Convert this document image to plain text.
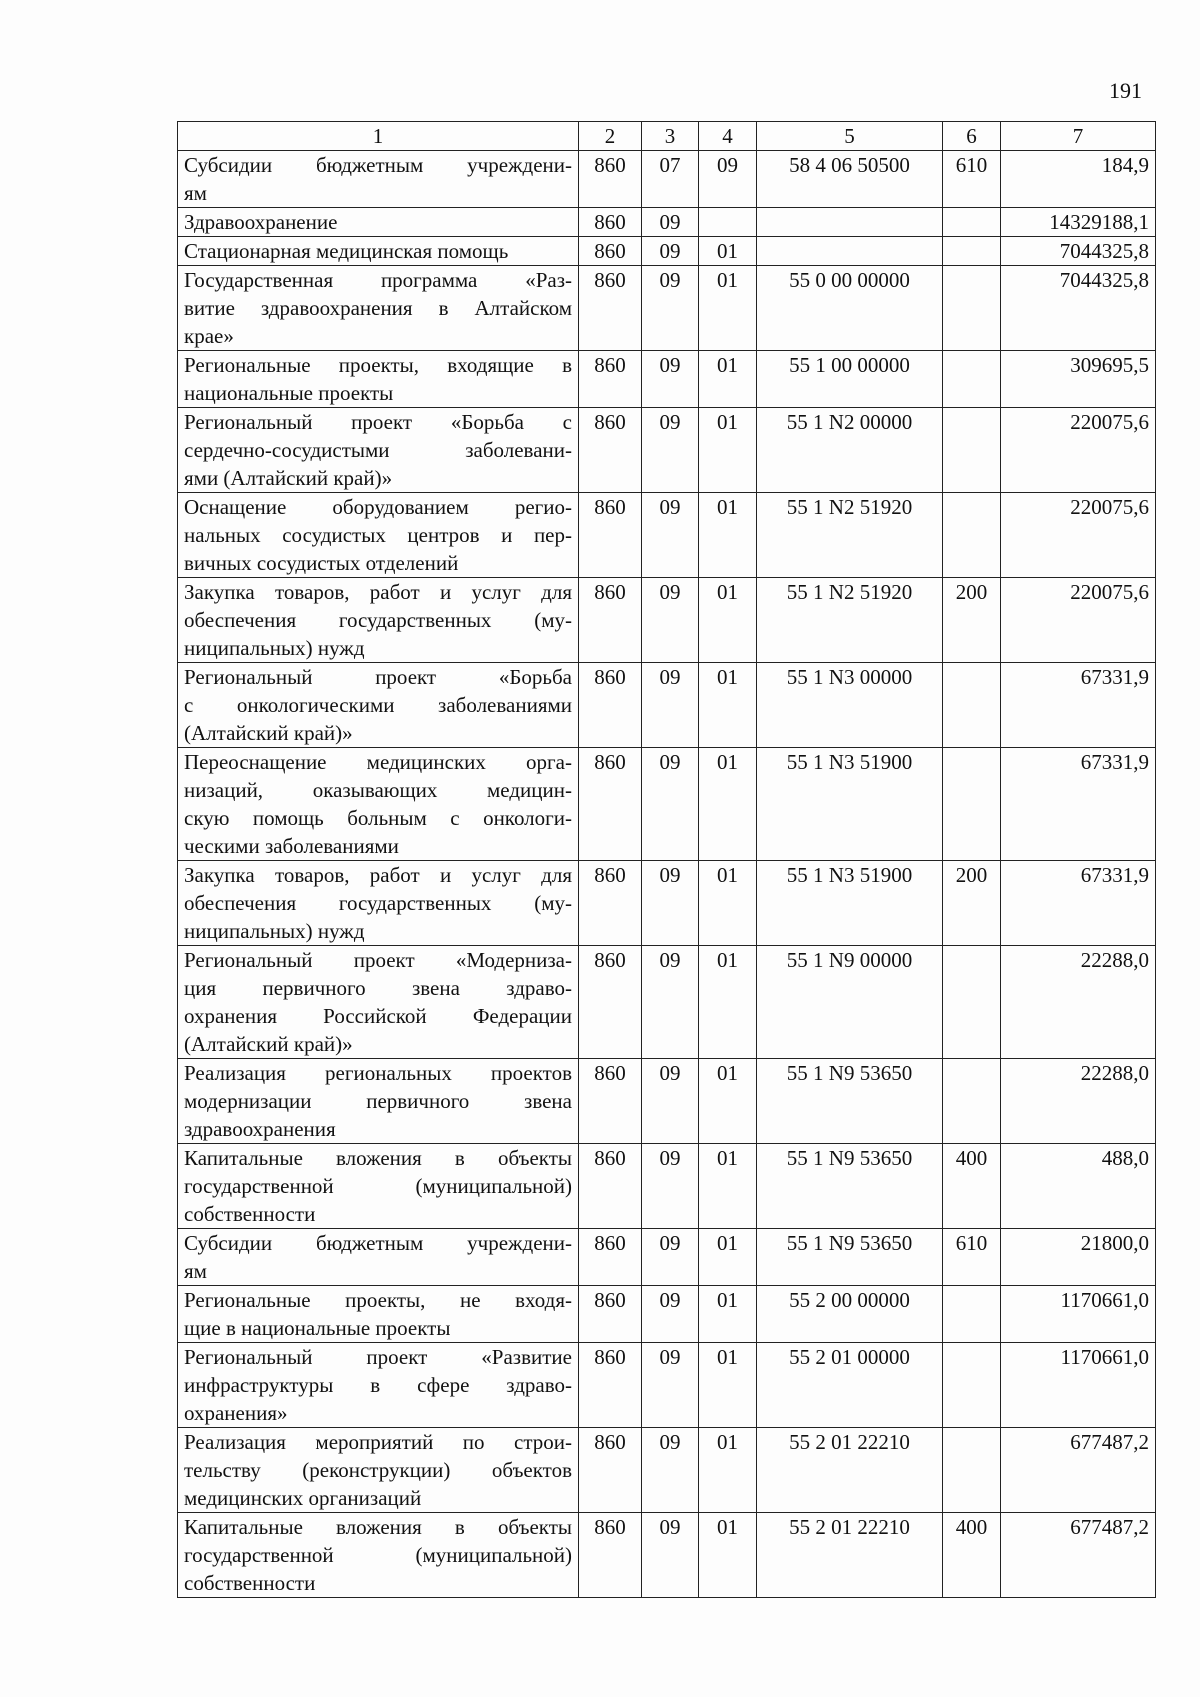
191
1	2	3	4	5	6	7

Субсидии бюджетным учреждени-
ям	860	07	09	58 4 06 50500	610	184,9
Здравоохранение	860	09				14329188,1
Стационарная медицинская помощь	860	09	01			7044325,8

Государственная программа «Раз-
витие здравоохранения в Алтайском
крае»	860	09	01	55 0 00 00000		7044325,8

Региональные проекты, входящие в
национальные проекты	860	09	01	55 1 00 00000		309695,5

Региональный проект «Борьба с
сердечно-сосудистыми заболевани-
ями (Алтайский край)»	860	09	01	55 1 N2 00000		220075,6

Оснащение оборудованием регио-
нальных сосудистых центров и пер-
вичных сосудистых отделений	860	09	01	55 1 N2 51920		220075,6

Закупка товаров, работ и услуг для
обеспечения государственных (му-
ниципальных) нужд	860	09	01	55 1 N2 51920	200	220075,6

Региональный проект «Борьба
с онкологическими заболеваниями
(Алтайский край)»	860	09	01	55 1 N3 00000		67331,9

Переоснащение медицинских орга-
низаций, оказывающих медицин-
скую помощь больным с онкологи-
ческими заболеваниями	860	09	01	55 1 N3 51900		67331,9

Закупка товаров, работ и услуг для
обеспечения государственных (му-
ниципальных) нужд	860	09	01	55 1 N3 51900	200	67331,9

Региональный проект «Модерниза-
ция первичного звена здраво-
охранения Российской Федерации
(Алтайский край)»	860	09	01	55 1 N9 00000		22288,0

Реализация региональных проектов
модернизации первичного звена
здравоохранения	860	09	01	55 1 N9 53650		22288,0

Капитальные вложения в объекты
государственной (муниципальной)
собственности	860	09	01	55 1 N9 53650	400	488,0

Субсидии бюджетным учреждени-
ям	860	09	01	55 1 N9 53650	610	21800,0

Региональные проекты, не входя-
щие в национальные проекты	860	09	01	55 2 00 00000		1170661,0

Региональный проект «Развитие
инфраструктуры в сфере здраво-
охранения»	860	09	01	55 2 01 00000		1170661,0

Реализация мероприятий по строи-
тельству (реконструкции) объектов
медицинских организаций	860	09	01	55 2 01 22210		677487,2

Капитальные вложения в объекты
государственной (муниципальной)
собственности	860	09	01	55 2 01 22210	400	677487,2
